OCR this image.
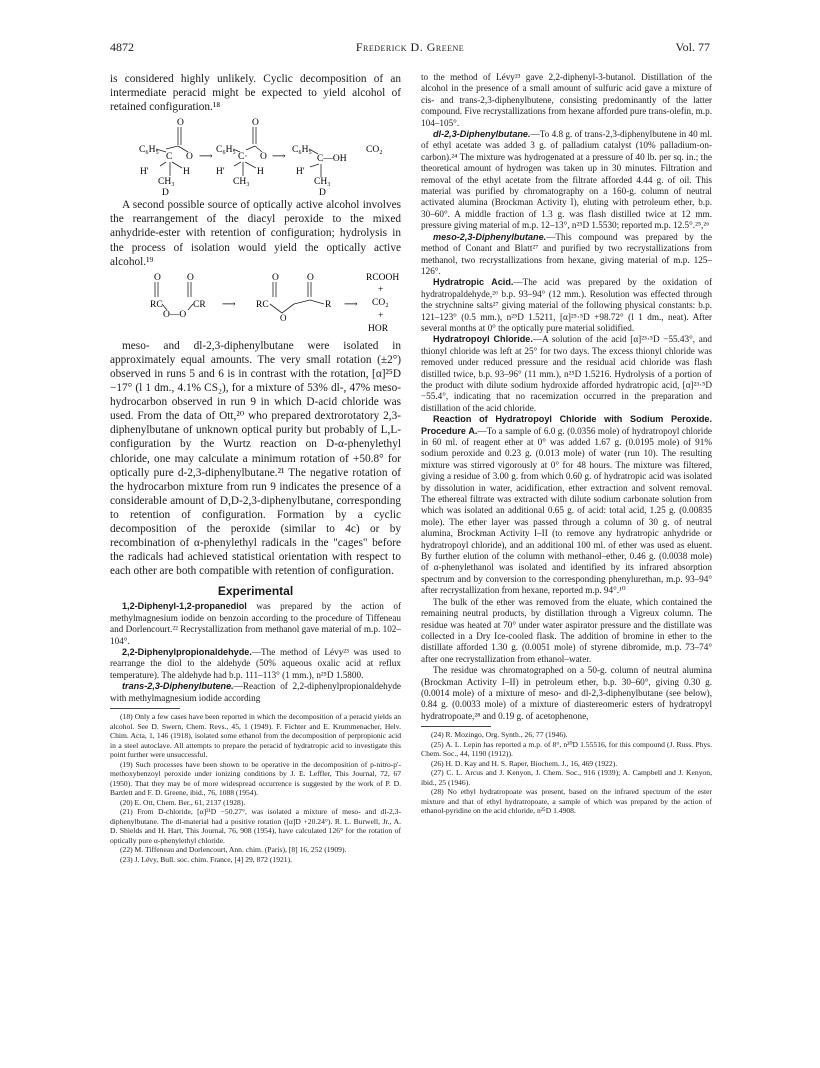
4872	Frederick D. Greene	Vol. 77

is considered highly unlikely. Cyclic decomposition of an intermediate peracid might be expected to yield alcohol of retained configuration.¹⁸

O
C₆H₅
C O
H'	H
CH₃
D
⟶
O
C₆H₅
C· O
H'	H
CH₃
⟶
C₆H₅	CO₂
C—OH
H'
CH₃
D

A second possible source of optically active alcohol involves the rearrangement of the diacyl peroxide to the mixed anhydride-ester with retention of configuration; hydrolysis in the process of isolation would yield the optically active alcohol.¹⁹

O	O
RC	CR
O—O
⟶
O	O
RC	R ⟶
RCOOH
+
CO₂
+
HOR
O

meso- and dl-2,3-diphenylbutane were isolated in approximately equal amounts. The very small rotation (±2°) observed in runs 5 and 6 is in contrast with the rotation, [α]²⁵D −17° (l 1 dm., 4.1% CS₂), for a mixture of 53% dl-, 47% meso-hydrocarbon observed in run 9 in which D-acid chloride was used. From the data of Ott,²⁰ who prepared dextrorotatory 2,3-diphenylbutane of unknown optical purity but probably of L,L-configuration by the Wurtz reaction on D-α-phenylethyl chloride, one may calculate a minimum rotation of +50.8° for optically pure d-2,3-diphenylbutane.²¹ The negative rotation of the hydrocarbon mixture from run 9 indicates the presence of a considerable amount of D,D-2,3-diphenylbutane, corresponding to retention of configuration. Formation by a cyclic decomposition of the peroxide (similar to 4c) or by recombination of α-phenylethyl radicals in the "cages" before the radicals had achieved statistical orientation with respect to each other are both compatible with retention of configuration.

Experimental

1,2-Diphenyl-1,2-propanediol was prepared by the action of methylmagnesium iodide on benzoin according to the procedure of Tiffeneau and Dorlencourt.²² Recrystallization from methanol gave material of m.p. 102–104°.

2,2-Diphenylpropionaldehyde.—The method of Lévy²³ was used to rearrange the diol to the aldehyde (50% aqueous oxalic acid at reflux temperature). The aldehyde had b.p. 111–113° (1 mm.), n²⁵D 1.5800.

trans-2,3-Diphenylbutene.—Reaction of 2,2-diphenylpropionaldehyde with methylmagnesium iodide according

(18) Only a few cases have been reported in which the decomposition of a peracid yields an alcohol. See D. Swern, Chem. Revs., 45, 1 (1949). F. Fichter and E. Krummenacher, Helv. Chim. Acta, 1, 146 (1918), isolated some ethanol from the decomposition of perpropionic acid in a steel autoclave. All attempts to prepare the peracid of hydratropic acid to investigate this point further were unsuccessful.

(19) Such processes have been shown to be operative in the decomposition of p-nitro-p'-methoxybenzoyl peroxide under ionizing conditions by J. E. Leffler, This Journal, 72, 67 (1950). That they may be of more widespread occurrence is suggested by the work of P. D. Bartlett and F. D. Greene, ibid., 76, 1088 (1954).

(20) E. Ott, Chem. Ber., 61, 2137 (1928).

(21) From D-chloride, [α]²¹D −50.27°, was isolated a mixture of meso- and dl-2,3-diphenylbutane. The dl-material had a positive rotation ([α]D +20.24°). R. L. Burwell, Jr., A. D. Shields and H. Hart, This Journal, 76, 908 (1954), have calculated 126° for the rotation of optically pure α-phenylethyl chloride.

(22) M. Tiffeneau and Dorlencourt, Ann. chim. (Paris), [8] 16, 252 (1909).

(23) J. Lévy, Bull. soc. chim. France, [4] 29, 872 (1921).

to the method of Lévy²³ gave 2,2-diphenyl-3-butanol. Distillation of the alcohol in the presence of a small amount of sulfuric acid gave a mixture of cis- and trans-2,3-diphenylbutene, consisting predominantly of the latter compound. Five recrystallizations from hexane afforded pure trans-olefin, m.p. 104–105°.

dl-2,3-Diphenylbutane.—To 4.8 g. of trans-2,3-diphenylbutene in 40 ml. of ethyl acetate was added 3 g. of palladium catalyst (10% palladium-on-carbon).²⁴ The mixture was hydrogenated at a pressure of 40 lb. per sq. in.; the theoretical amount of hydrogen was taken up in 30 minutes. Filtration and removal of the ethyl acetate from the filtrate afforded 4.44 g. of oil. This material was purified by chromatography on a 160-g. column of neutral activated alumina (Brockman Activity I), eluting with petroleum ether, b.p. 30–60°. A middle fraction of 1.3 g. was flash distilled twice at 12 mm. pressure giving material of m.p. 12–13°, n²⁵D 1.5530; reported m.p. 12.5°.²⁵,²⁶

meso-2,3-Diphenylbutane.—This compound was prepared by the method of Conant and Blatt²⁷ and purified by two recrystallizations from methanol, two recrystallizations from hexane, giving material of m.p. 125–126°.

Hydratropic Acid.—The acid was prepared by the oxidation of hydratropaldehyde,²⁶ b.p. 93–94° (12 mm.). Resolution was effected through the strychnine salts²⁷ giving material of the following physical constants: b.p. 121–123° (0.5 mm.), n²⁵D 1.5211, [α]²⁵·⁵D +98.72° (l 1 dm., neat). After several months at 0° the optically pure material solidified.

Hydratropoyl Chloride.—A solution of the acid [α]²³·⁵D −55.43°, and thionyl chloride was left at 25° for two days. The excess thionyl chloride was removed under reduced pressure and the residual acid chloride was flash distilled twice, b.p. 93–96° (11 mm.), n²⁵D 1.5216. Hydrolysis of a portion of the product with dilute sodium hydroxide afforded hydratropic acid, [α]²³·⁵D −55.4°, indicating that no racemization occurred in the preparation and distillation of the acid chloride.

Reaction of Hydratropoyl Chloride with Sodium Peroxide. Procedure A.—To a sample of 6.0 g. (0.0356 mole) of hydratropoyl chloride in 60 ml. of reagent ether at 0° was added 1.67 g. (0.0195 mole) of 91% sodium peroxide and 0.23 g. (0.013 mole) of water (run 10). The resulting mixture was stirred vigorously at 0° for 48 hours. The mixture was filtered, giving a residue of 3.00 g. from which 0.60 g. of hydratropic acid was isolated by dissolution in water, acidification, ether extraction and solvent removal. The ethereal filtrate was extracted with dilute sodium carbonate solution from which was isolated an additional 0.65 g. of acid: total acid, 1.25 g. (0.00835 mole). The ether layer was passed through a column of 30 g. of neutral alumina, Brockman Activity I–II (to remove any hydratropic anhydride or hydratropoyl chloride), and an additional 100 ml. of ether was used as eluent. By further elution of the column with methanol–ether, 0.46 g. (0.0038 mole) of α-phenylethanol was isolated and identified by its infrared absorption spectrum and by conversion to the corresponding phenylurethan, m.p. 93–94° after recrystallization from hexane, reported m.p. 94°.¹⁰

The bulk of the ether was removed from the eluate, which contained the remaining neutral products, by distillation through a Vigreux column. The residue was heated at 70° under water aspirator pressure and the distillate was collected in a Dry Ice-cooled flask. The addition of bromine in ether to the distillate afforded 1.30 g. (0.0051 mole) of styrene dibromide, m.p. 73–74° after one recrystallization from ethanol–water.

The residue was chromatographed on a 50-g. column of neutral alumina (Brockman Activity I–II) in petroleum ether, b.p. 30–60°, giving 0.30 g. (0.0014 mole) of a mixture of meso- and dl-2,3-diphenylbutane (see below), 0.84 g. (0.0033 mole) of a mixture of diastereomeric esters of hydratropyl hydratropoate,²⁸ and 0.19 g. of acetophenone,

(24) R. Mozingo, Org. Synth., 26, 77 (1946).

(25) A. L. Lepin has reported a m.p. of 8°, n²⁰D 1.55516, for this compound (J. Russ. Phys. Chem. Soc., 44, 1190 (1912)).

(26) H. D. Kay and H. S. Raper, Biochem. J., 16, 469 (1922).

(27) C. L. Arcus and J. Kenyon, J. Chem. Soc., 916 (1939); A. Campbell and J. Kenyon, ibid., 25 (1946).

(28) No ethyl hydratropoate was present, based on the infrared spectrum of the ester mixture and that of ethyl hydratropoate, a sample of which was prepared by the action of ethanol-pyridine on the acid chloride, n²⁵D 1.4908.
